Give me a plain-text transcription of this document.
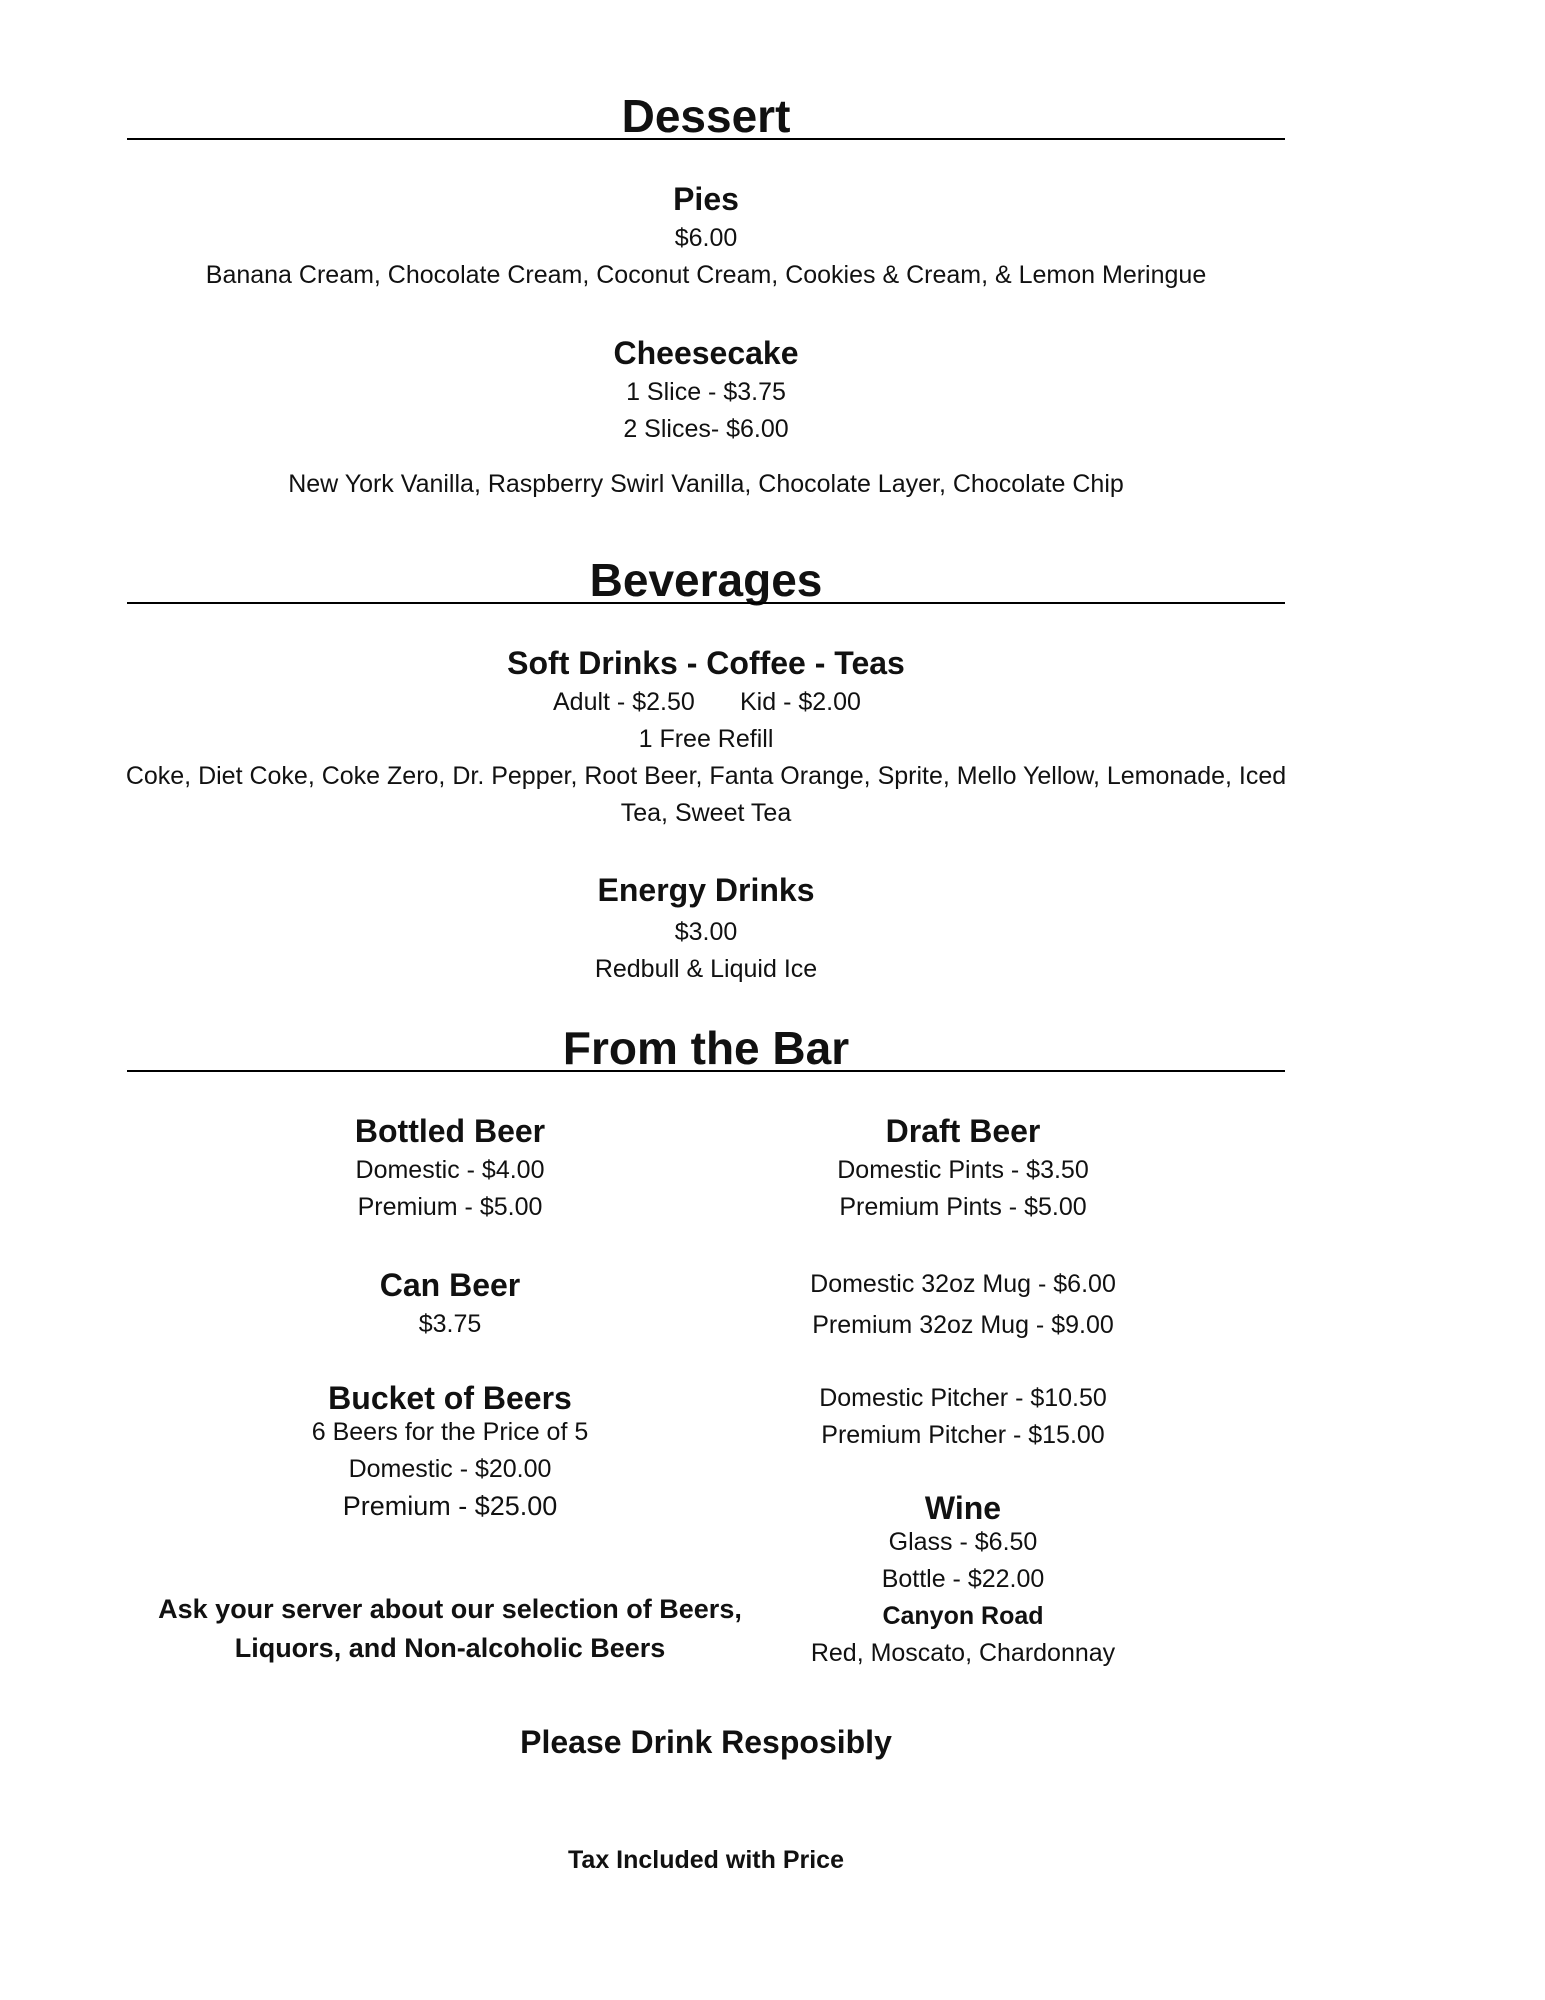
Dessert
Pies
$6.00
Banana Cream, Chocolate Cream, Coconut Cream, Cookies & Cream, & Lemon Meringue
Cheesecake
1 Slice - $3.75
2 Slices- $6.00
New York Vanilla, Raspberry Swirl Vanilla, Chocolate Layer, Chocolate Chip
Beverages
Soft Drinks - Coffee - Teas
Adult - $2.50 Kid - $2.00
1 Free Refill
Coke, Diet Coke, Coke Zero, Dr. Pepper, Root Beer, Fanta Orange, Sprite, Mello Yellow, Lemonade, Iced
Tea, Sweet Tea
Energy Drinks
$3.00
Redbull & Liquid Ice
From the Bar
Bottled Beer
Domestic - $4.00
Premium - $5.00
Can Beer
$3.75
Bucket of Beers
6 Beers for the Price of 5
Domestic - $20.00
Premium - $25.00
Ask your server about our selection of Beers,
Liquors, and Non-alcoholic Beers
Draft Beer
Domestic Pints - $3.50
Premium Pints - $5.00
Domestic 32oz Mug - $6.00
Premium 32oz Mug - $9.00
Domestic Pitcher - $10.50
Premium Pitcher - $15.00
Wine
Glass - $6.50
Bottle - $22.00
Canyon Road
Red, Moscato, Chardonnay
Please Drink Resposibly
Tax Included with Price
